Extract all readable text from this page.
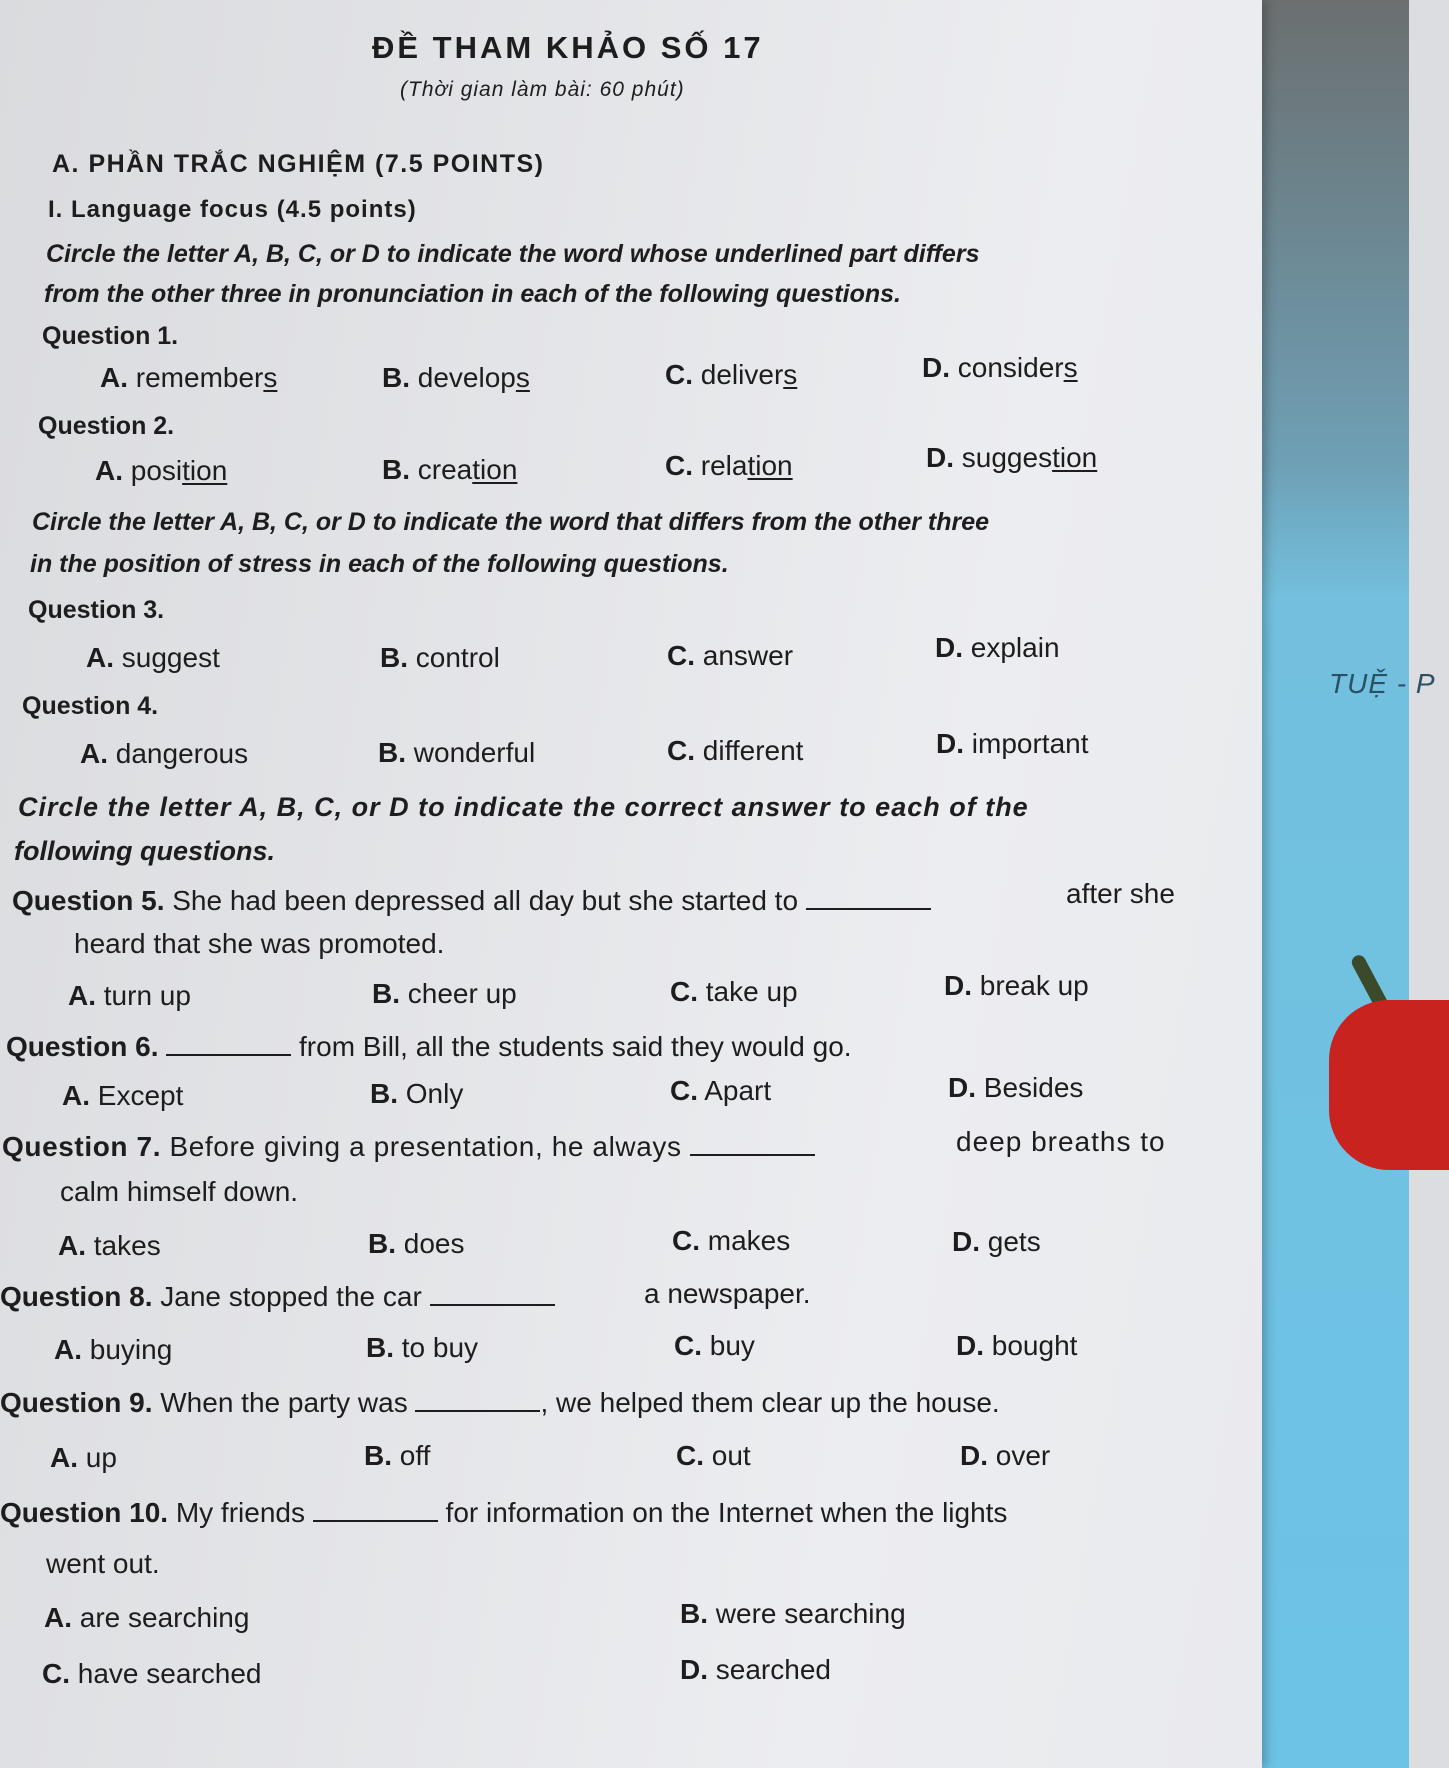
TUỆ - P
ĐỀ THAM KHẢO SỐ 17
(Thời gian làm bài: 60 phút)
A. PHẦN TRẮC NGHIỆM (7.5 POINTS)
I. Language focus (4.5 points)
Circle the letter A, B, C, or D to indicate the word whose underlined part differs
from the other three in pronunciation in each of the following questions.
Question 1.
A. remembers	B. develops	C. delivers	D. considers
Question 2.
A. position	B. creation	C. relation	D. suggestion
Circle the letter A, B, C, or D to indicate the word that differs from the other three
in the position of stress in each of the following questions.
Question 3.
A. suggest	B. control	C. answer	D. explain
Question 4.
A. dangerous	B. wonderful	C. different	D. important
Circle the letter A, B, C, or D to indicate the correct answer to each of the
following questions.
Question 5. She had been depressed all day but she started to	after she
heard that she was promoted.
A. turn up	B. cheer up	C. take up	D. break up
Question 6.	from Bill, all the students said they would go.
A. Except	B. Only	C. Apart	D. Besides
Question 7. Before giving a presentation, he always	deep breaths to
calm himself down.
A. takes	B. does	C. makes	D. gets
Question 8. Jane stopped the car	a newspaper.
A. buying	B. to buy	C. buy	D. bought
Question 9. When the party was	, we helped them clear up the house.
A. up	B. off	C. out	D. over
Question 10. My friends	for information on the Internet when the lights
went out.
A. are searching	B. were searching
C. have searched	D. searched
